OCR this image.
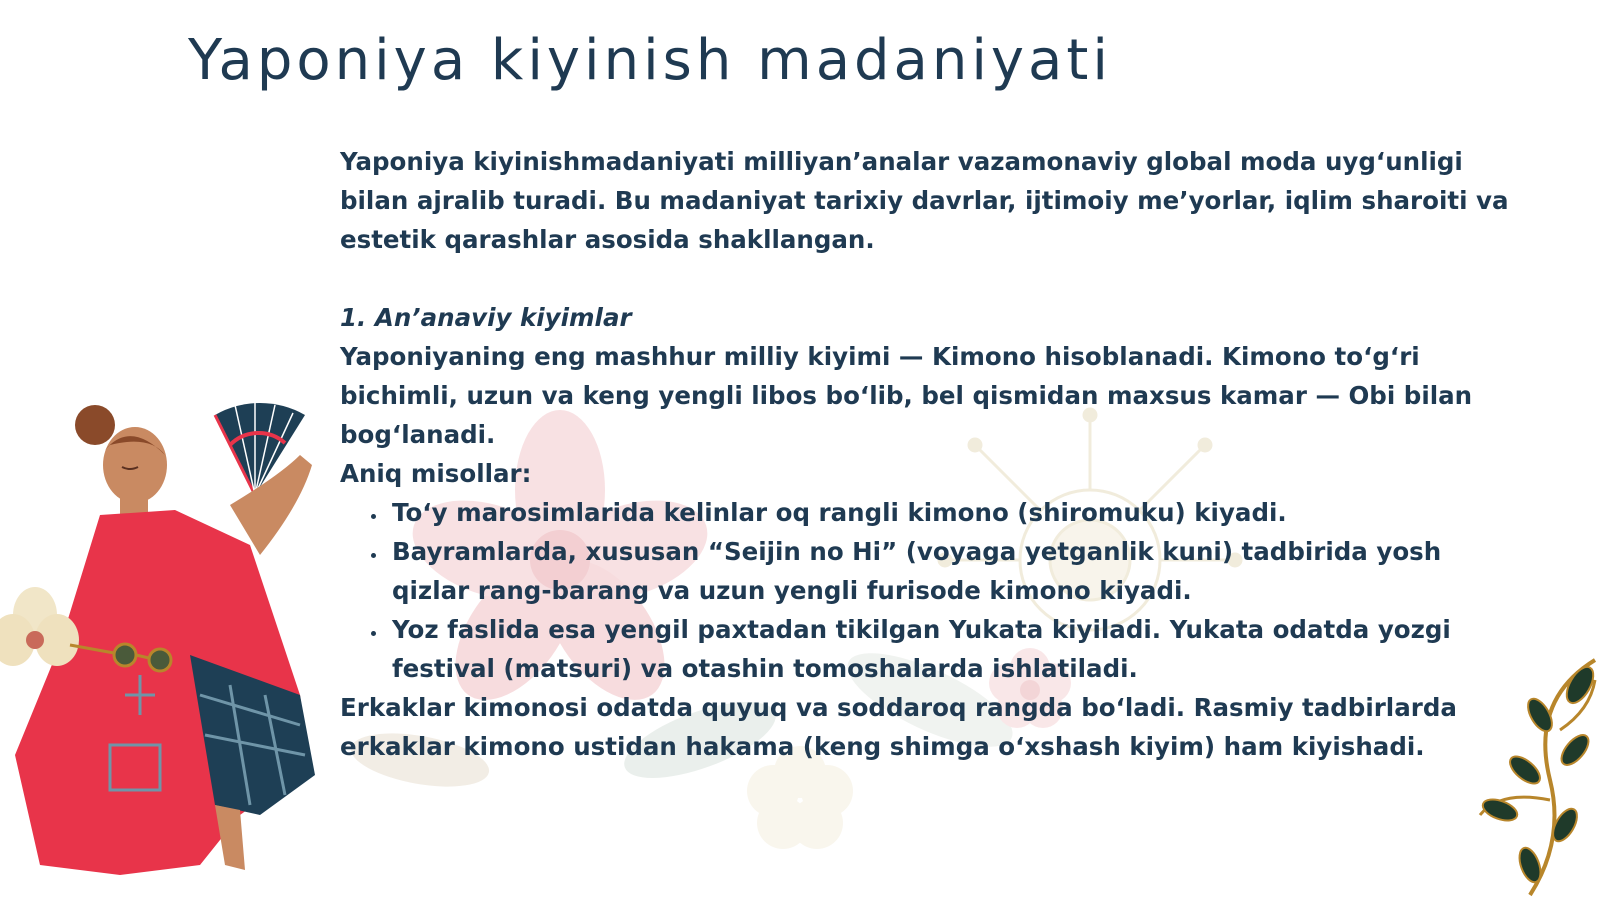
Yaponiya kiyinish madaniyati

Yaponiya kiyinishmadaniyati milliyan’analar vazamonaviy global moda uyg‘unligi bilan ajralib turadi. Bu madaniyat tarixiy davrlar, ijtimoiy me’yorlar, iqlim sharoiti va estetik qarashlar asosida shakllangan.

1. An’anaviy kiyimlar

Yaponiyaning eng mashhur milliy kiyimi — Kimono hisoblanadi. Kimono to‘g‘ri bichimli, uzun va keng yengli libos bo‘lib, bel qismidan maxsus kamar — Obi bilan bog‘lanadi.

Aniq misollar:

• To‘y marosimlarida kelinlar oq rangli kimono (shiromuku) kiyadi.
• Bayramlarda, xususan “Seijin no Hi” (voyaga yetganlik kuni) tadbirida yosh qizlar rang-barang va uzun yengli furisode kimono kiyadi.
• Yoz faslida esa yengil paxtadan tikilgan Yukata kiyiladi. Yukata odatda yozgi festival (matsuri) va otashin tomoshalarda ishlatiladi.

Erkaklar kimonosi odatda quyuq va soddaroq rangda bo‘ladi. Rasmiy tadbirlarda erkaklar kimono ustidan hakama (keng shimga o‘xshash kiyim) ham kiyishadi.
